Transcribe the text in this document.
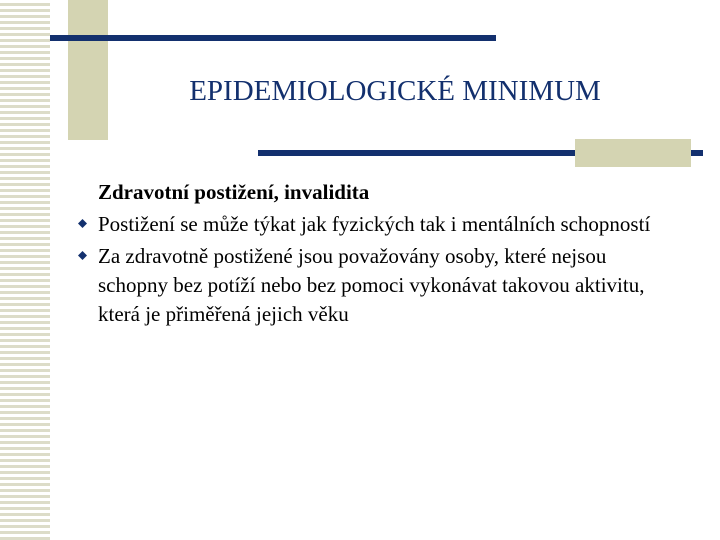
EPIDEMIOLOGICKÉ MINIMUM
Zdravotní postižení, invalidita
Postižení se může týkat jak fyzických tak i mentálních schopností
Za zdravotně postižené jsou považovány osoby, které nejsou schopny bez potíží nebo bez pomoci vykonávat takovou aktivitu, která je přiměřená jejich věku
